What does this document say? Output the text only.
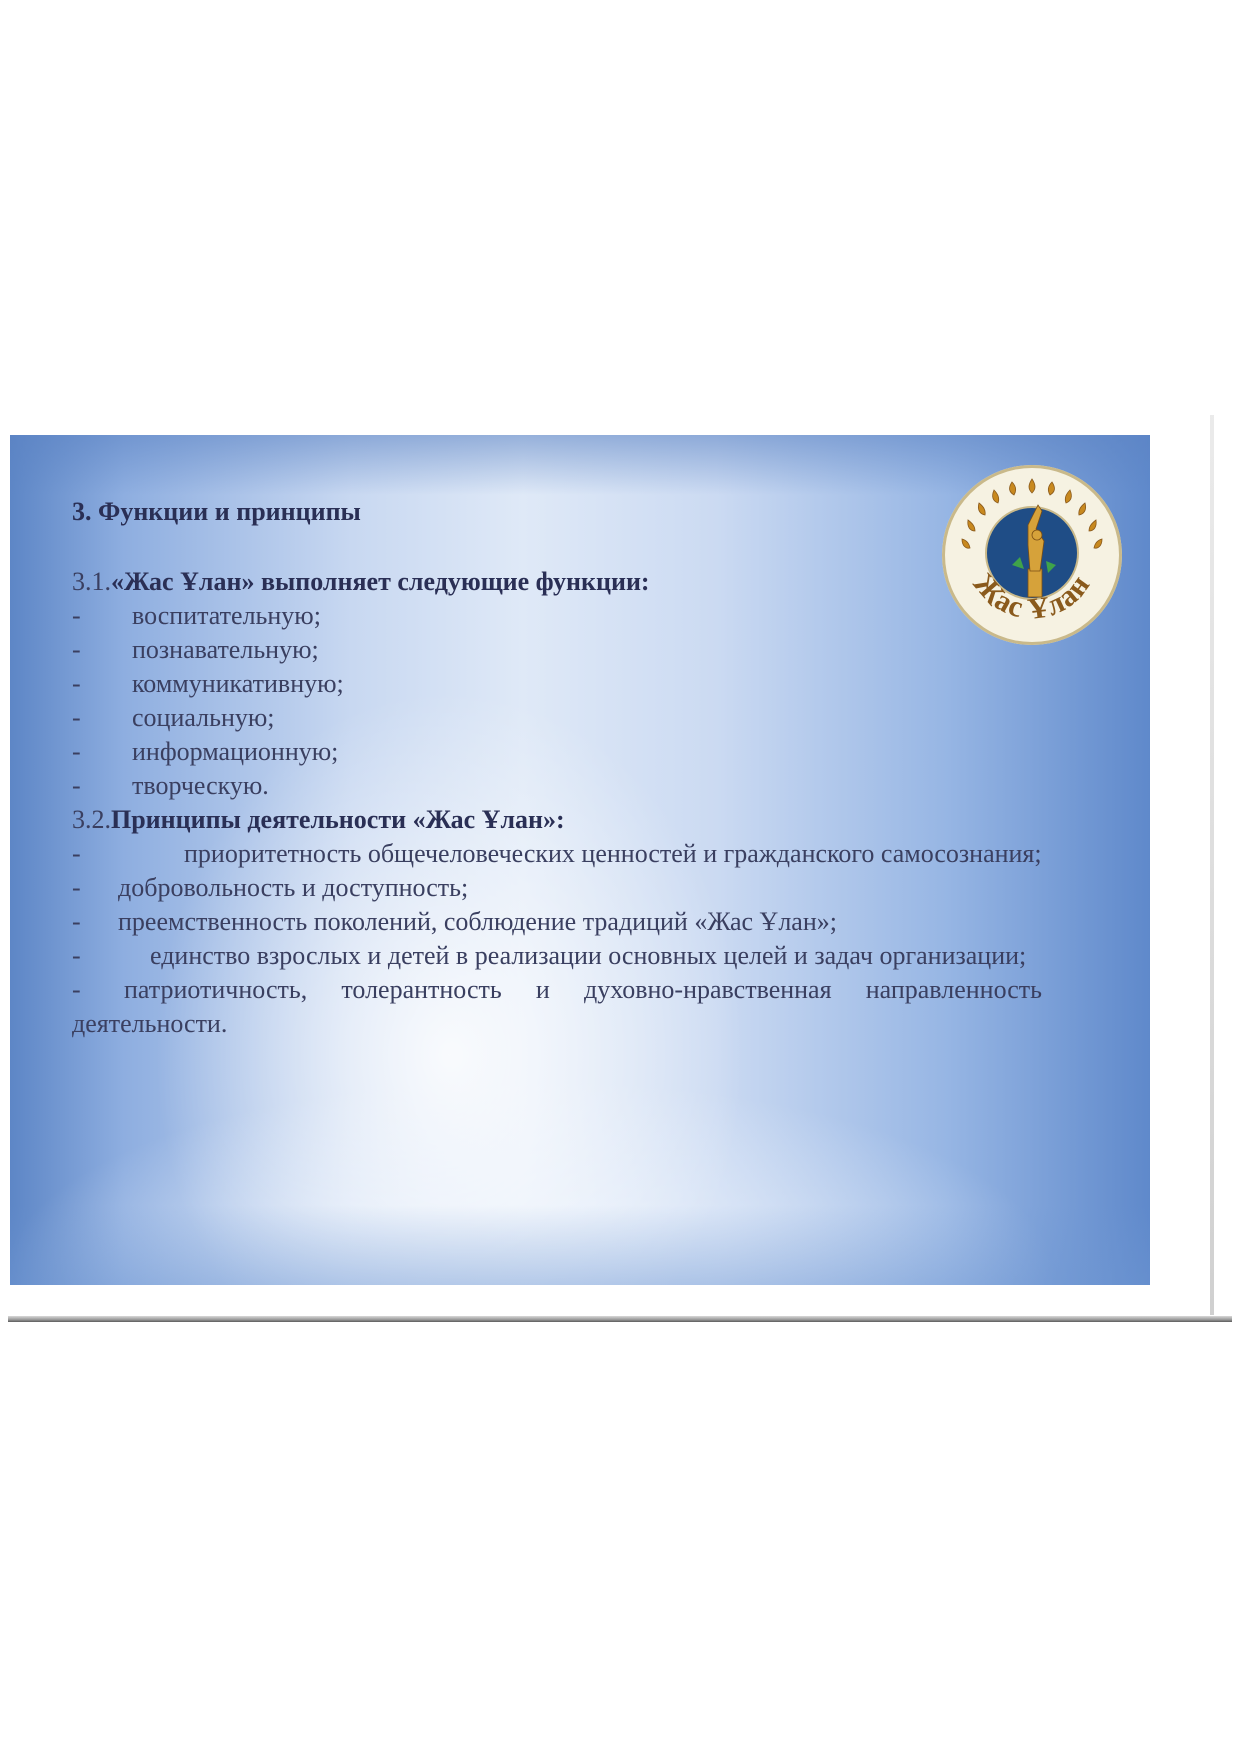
Жас Ұлан

3. Функции и принципы

3.1.«Жас Ұлан» выполняет следующие функции:

-	воспитательную;
-	познавательную;
-	коммуникативную;
-	социальную;
-	информационную;
-	творческую.

3.2.Принципы деятельности «Жас Ұлан»:

-	приоритетность общечеловеческих ценностей и гражданского самосознания;

-	добровольность и доступность;
-	преемственность поколений, соблюдение традиций «Жас Ұлан»;

-	единство взрослых и детей в реализации основных целей и задач организации;

- патриотичность, толерантность и духовно-нравственная направленность деятельности.
